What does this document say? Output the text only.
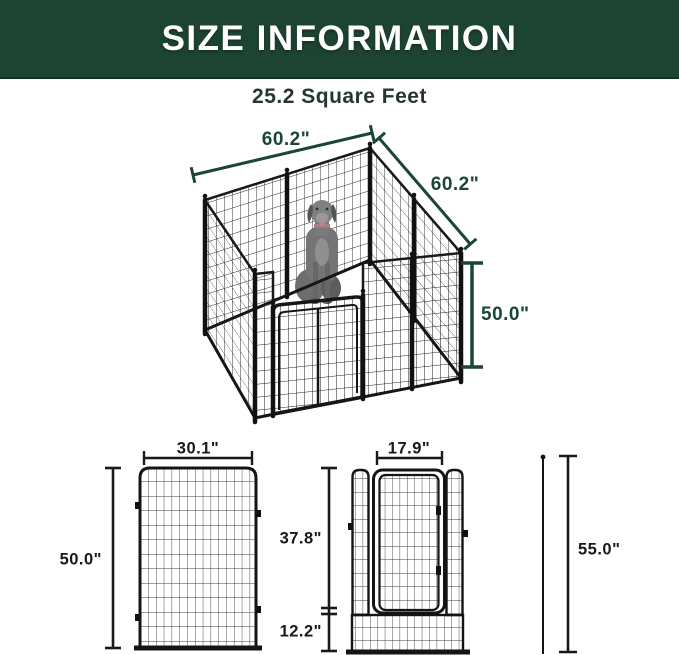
SIZE INFORMATION
25.2 Square Feet
60.2"
60.2"
50.0"
30.1"
50.0"
17.9"
37.8"
12.2"
55.0"
